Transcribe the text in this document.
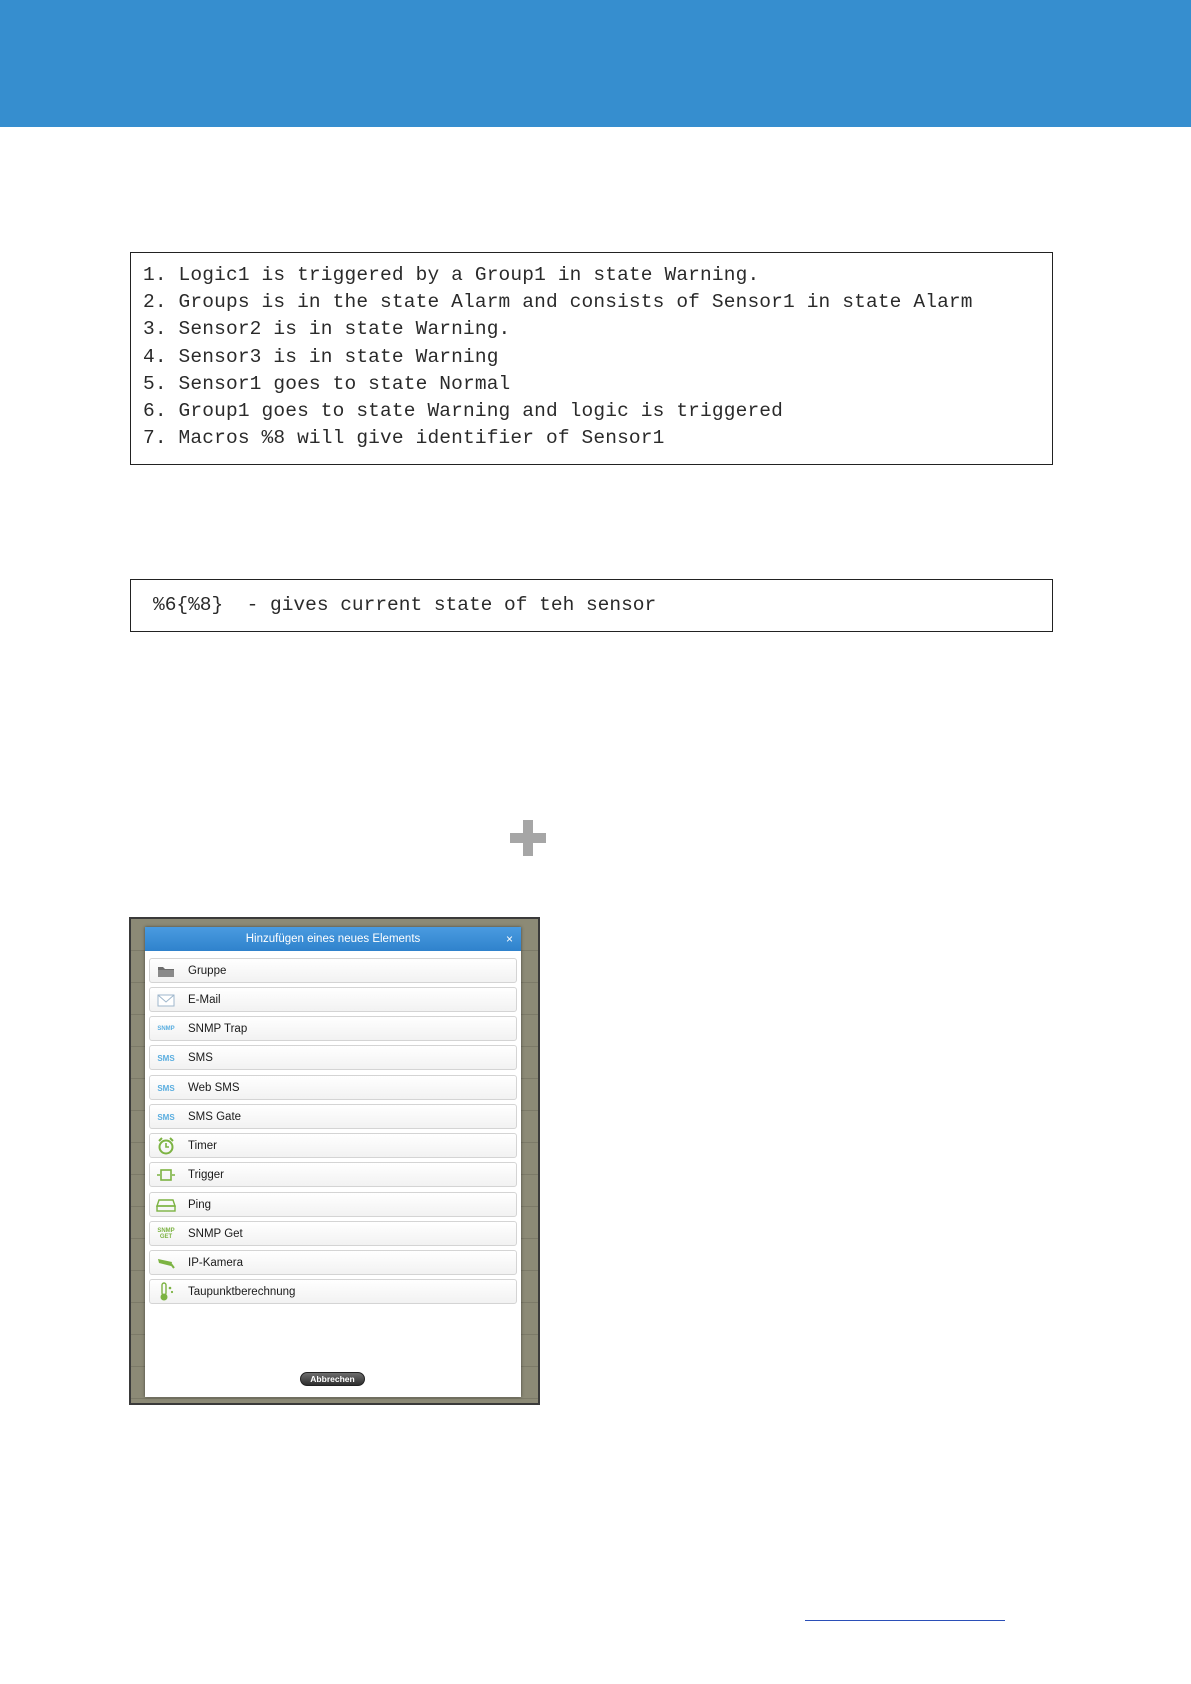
1. Logic1 is triggered by a Group1 in state Warning.
2. Groups is in the state Alarm and consists of Sensor1 in state Alarm
3. Sensor2 is in state Warning.
4. Sensor3 is in state Warning
5. Sensor1 goes to state Normal
6. Group1 goes to state Warning and logic is triggered
7. Macros %8 will give identifier of Sensor1
%6{%8}  - gives current state of teh sensor
Hinzufügen eines neues Elements	×
Gruppe
E-Mail
SNMP SNMP Trap
SMS SMS
SMS Web SMS
SMS SMS Gate
Timer
Trigger
Ping
SNMP GET	SNMP Get
IP-Kamera
Taupunktberechnung
Abbrechen
